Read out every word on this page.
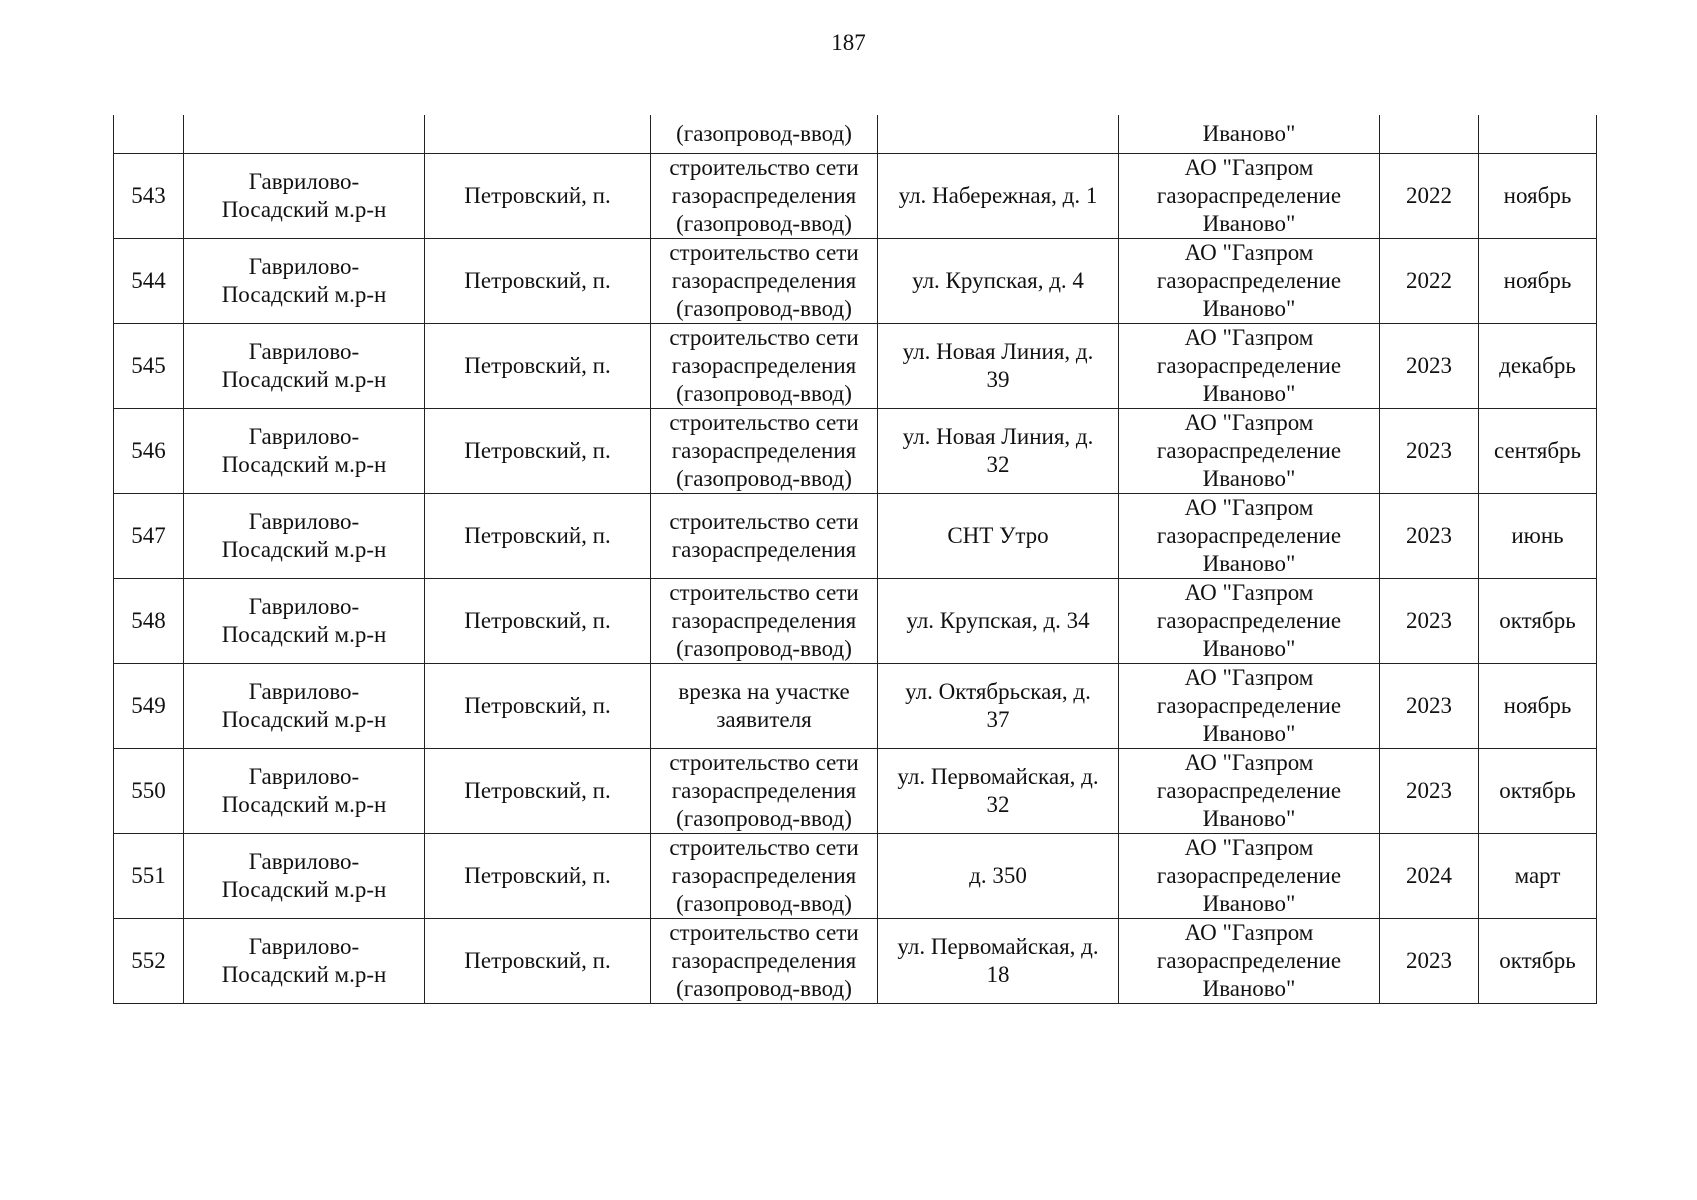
187

			(газопровод-ввод)		Иваново"		

543	Гаврилово-
Посадский м.р-н	Петровский, п.	строительство сети
газораспределения
(газопровод-ввод)	ул. Набережная, д. 1	АО "Газпром
газораспределение
Иваново"	2022	ноябрь
544	Гаврилово-
Посадский м.р-н	Петровский, п.	строительство сети
газораспределения
(газопровод-ввод)	ул. Крупская, д. 4	АО "Газпром
газораспределение
Иваново"	2022	ноябрь
545	Гаврилово-
Посадский м.р-н	Петровский, п.	строительство сети
газораспределения
(газопровод-ввод)	ул. Новая Линия, д.
39	АО "Газпром
газораспределение
Иваново"	2023	декабрь
546	Гаврилово-
Посадский м.р-н	Петровский, п.	строительство сети
газораспределения
(газопровод-ввод)	ул. Новая Линия, д.
32	АО "Газпром
газораспределение
Иваново"	2023	сентябрь
547	Гаврилово-
Посадский м.р-н	Петровский, п.	строительство сети
газораспределения	СНТ Утро	АО "Газпром
газораспределение
Иваново"	2023	июнь
548	Гаврилово-
Посадский м.р-н	Петровский, п.	строительство сети
газораспределения
(газопровод-ввод)	ул. Крупская, д. 34	АО "Газпром
газораспределение
Иваново"	2023	октябрь
549	Гаврилово-
Посадский м.р-н	Петровский, п.	врезка на участке
заявителя	ул. Октябрьская, д.
37	АО "Газпром
газораспределение
Иваново"	2023	ноябрь
550	Гаврилово-
Посадский м.р-н	Петровский, п.	строительство сети
газораспределения
(газопровод-ввод)	ул. Первомайская, д.
32	АО "Газпром
газораспределение
Иваново"	2023	октябрь
551	Гаврилово-
Посадский м.р-н	Петровский, п.	строительство сети
газораспределения
(газопровод-ввод)	д. 350	АО "Газпром
газораспределение
Иваново"	2024	март
552	Гаврилово-
Посадский м.р-н	Петровский, п.	строительство сети
газораспределения
(газопровод-ввод)	ул. Первомайская, д.
18	АО "Газпром
газораспределение
Иваново"	2023	октябрь
